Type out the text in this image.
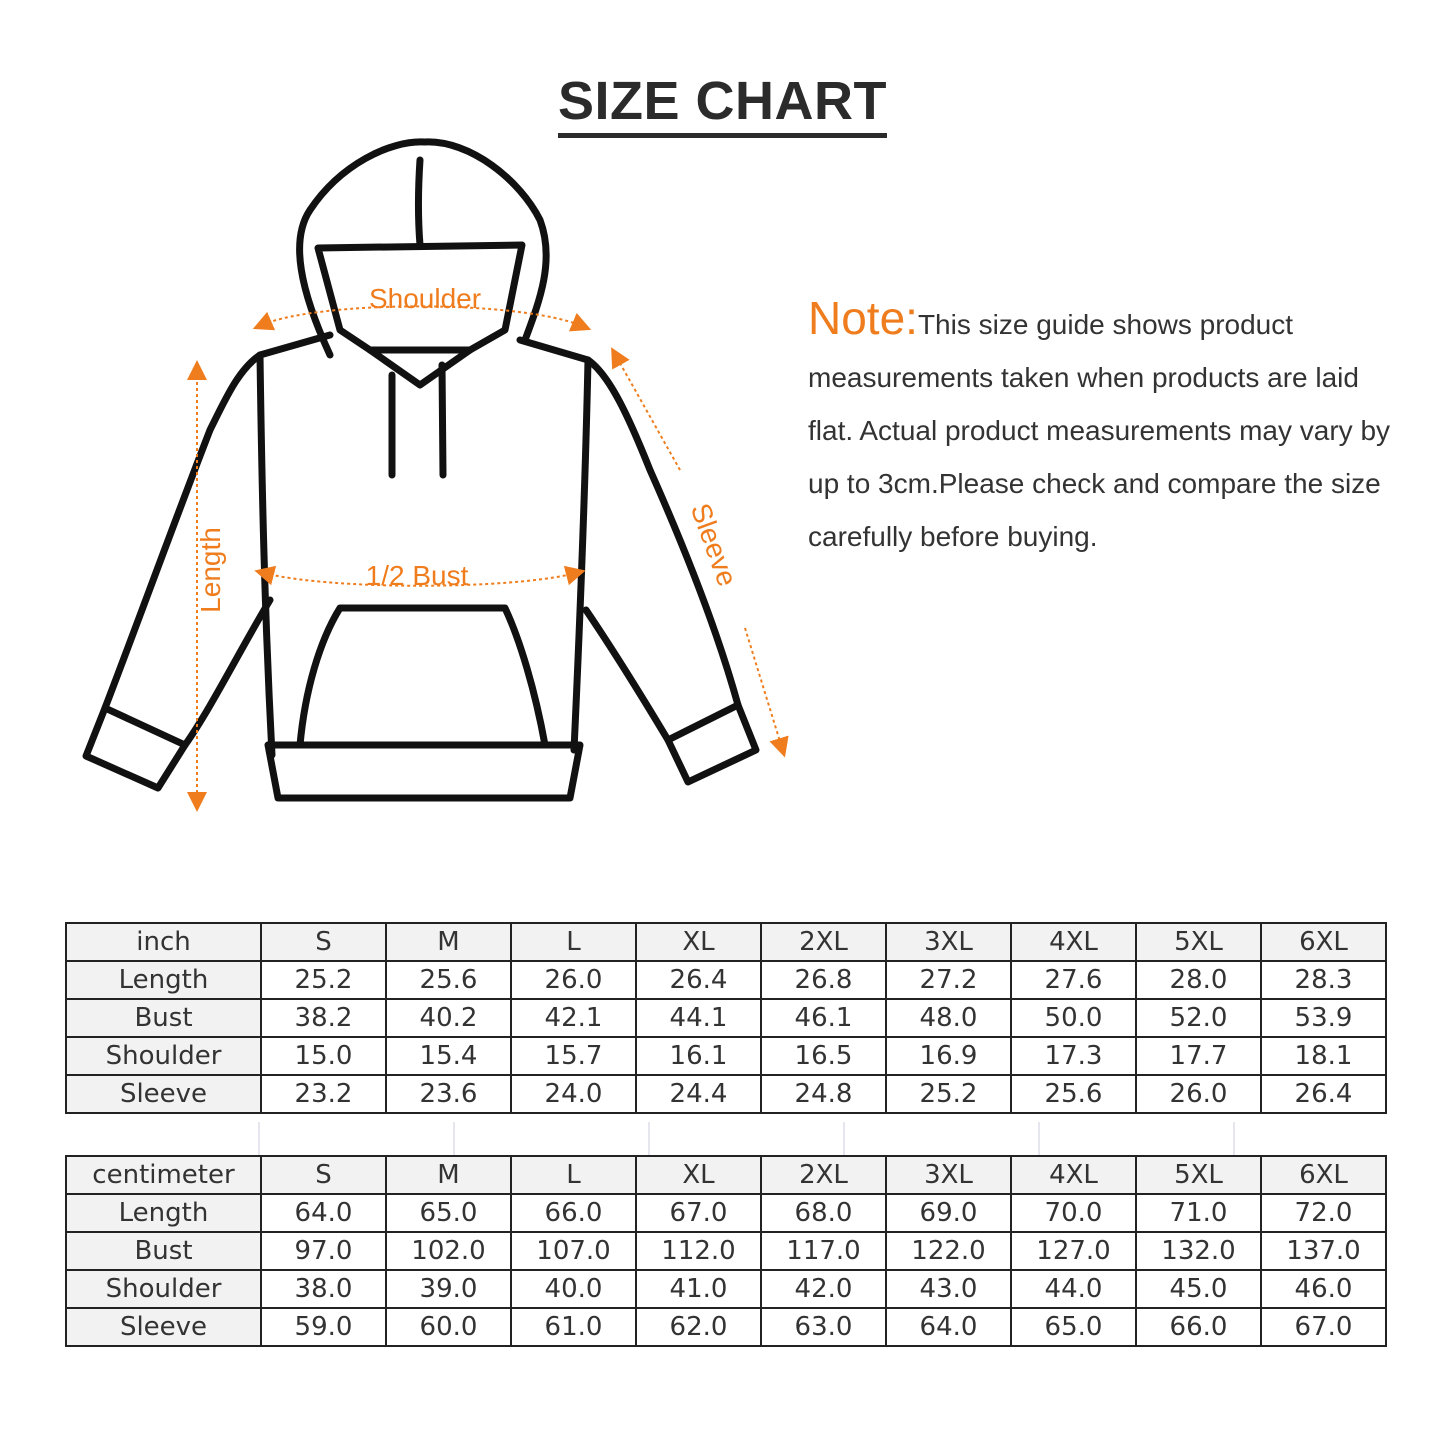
SIZE CHART
Shoulder
1/2 Bust
Length	Sleeve
Note:This size guide shows product measurements taken when products are laid flat. Actual product measurements may vary by up to 3cm.Please check and compare the size carefully before buying.
inch	S	M	L	XL	2XL	3XL	4XL	5XL	6XL
Length	25.2	25.6	26.0	26.4	26.8	27.2	27.6	28.0	28.3
Bust	38.2	40.2	42.1	44.1	46.1	48.0	50.0	52.0	53.9
Shoulder	15.0	15.4	15.7	16.1	16.5	16.9	17.3	17.7	18.1
Sleeve	23.2	23.6	24.0	24.4	24.8	25.2	25.6	26.0	26.4
centimeter	S	M	L	XL	2XL	3XL	4XL	5XL	6XL
Length	64.0	65.0	66.0	67.0	68.0	69.0	70.0	71.0	72.0
Bust	97.0	102.0	107.0	112.0	117.0	122.0	127.0	132.0	137.0
Shoulder	38.0	39.0	40.0	41.0	42.0	43.0	44.0	45.0	46.0
Sleeve	59.0	60.0	61.0	62.0	63.0	64.0	65.0	66.0	67.0
